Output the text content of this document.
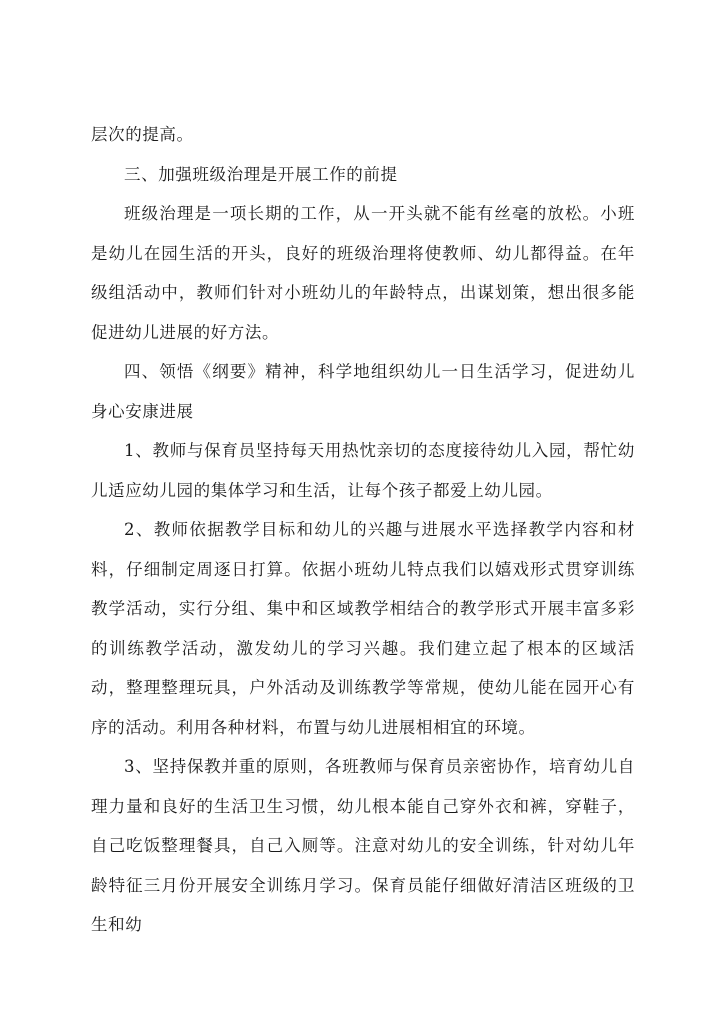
层次的提高。

三、加强班级治理是开展工作的前提

班级治理是一项长期的工作，从一开头就不能有丝毫的放松。小班是幼儿在园生活的开头，良好的班级治理将使教师、幼儿都得益。在年级组活动中，教师们针对小班幼儿的年龄特点，出谋划策，想出很多能促进幼儿进展的好方法。

四、领悟《纲要》精神，科学地组织幼儿一日生活学习，促进幼儿身心安康进展

1、教师与保育员坚持每天用热忱亲切的态度接待幼儿入园，帮忙幼儿适应幼儿园的集体学习和生活，让每个孩子都爱上幼儿园。

2、教师依据教学目标和幼儿的兴趣与进展水平选择教学内容和材料，仔细制定周逐日打算。依据小班幼儿特点我们以嬉戏形式贯穿训练教学活动，实行分组、集中和区域教学相结合的教学形式开展丰富多彩的训练教学活动，激发幼儿的学习兴趣。我们建立起了根本的区域活动，整理整理玩具，户外活动及训练教学等常规，使幼儿能在园开心有序的活动。利用各种材料，布置与幼儿进展相相宜的环境。

3、坚持保教并重的原则，各班教师与保育员亲密协作，培育幼儿自理力量和良好的生活卫生习惯，幼儿根本能自己穿外衣和裤，穿鞋子，自己吃饭整理餐具，自己入厕等。注意对幼儿的安全训练，针对幼儿年龄特征三月份开展安全训练月学习。保育员能仔细做好清洁区班级的卫生和幼
